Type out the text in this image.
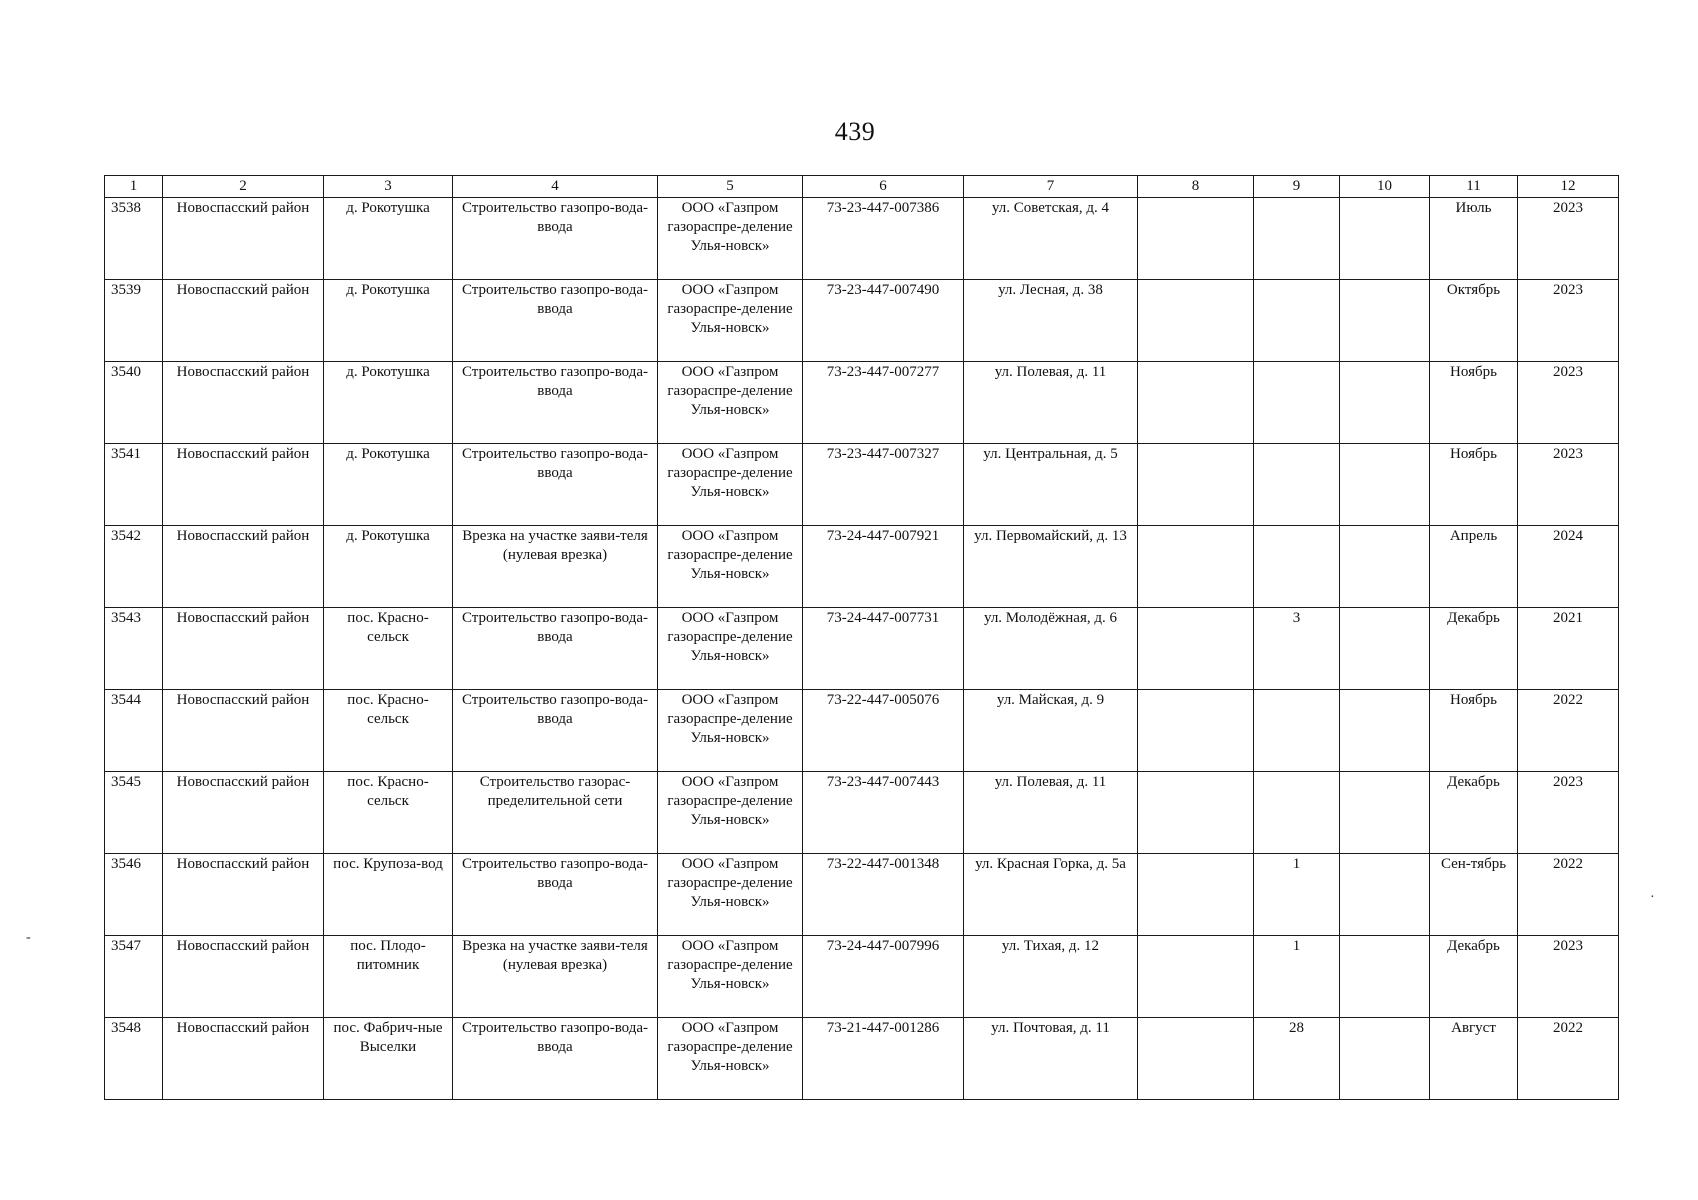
439
1	2	3	4	5	6	7	8	9	10	11	12
3538	Новоспасский район	д. Рокотушка	Строительство газопро-вода-ввода	ООО «Газпром газораспре-деление Улья-новск»	73-23-447-007386	ул. Советская, д. 4				Июль	2023
3539	Новоспасский район	д. Рокотушка	Строительство газопро-вода-ввода	ООО «Газпром газораспре-деление Улья-новск»	73-23-447-007490	ул. Лесная, д. 38				Октябрь	2023
3540	Новоспасский район	д. Рокотушка	Строительство газопро-вода-ввода	ООО «Газпром газораспре-деление Улья-новск»	73-23-447-007277	ул. Полевая, д. 11				Ноябрь	2023
3541	Новоспасский район	д. Рокотушка	Строительство газопро-вода-ввода	ООО «Газпром газораспре-деление Улья-новск»	73-23-447-007327	ул. Центральная, д. 5				Ноябрь	2023
3542	Новоспасский район	д. Рокотушка	Врезка на участке заяви-теля (нулевая врезка)	ООО «Газпром газораспре-деление Улья-новск»	73-24-447-007921	ул. Первомайский, д. 13				Апрель	2024
3543	Новоспасский район	пос. Красно-сельск	Строительство газопро-вода-ввода	ООО «Газпром газораспре-деление Улья-новск»	73-24-447-007731	ул. Молодёжная, д. 6		3		Декабрь	2021
3544	Новоспасский район	пос. Красно-сельск	Строительство газопро-вода-ввода	ООО «Газпром газораспре-деление Улья-новск»	73-22-447-005076	ул. Майская, д. 9				Ноябрь	2022
3545	Новоспасский район	пос. Красно-сельск	Строительство газорас-пределительной сети	ООО «Газпром газораспре-деление Улья-новск»	73-23-447-007443	ул. Полевая, д. 11				Декабрь	2023
3546	Новоспасский район	пос. Крупоза-вод	Строительство газопро-вода-ввода	ООО «Газпром газораспре-деление Улья-новск»	73-22-447-001348	ул. Красная Горка, д. 5а		1		Сен-тябрь	2022
3547	Новоспасский район	пос. Плодо-питомник	Врезка на участке заяви-теля (нулевая врезка)	ООО «Газпром газораспре-деление Улья-новск»	73-24-447-007996	ул. Тихая, д. 12		1		Декабрь	2023
3548	Новоспасский район	пос. Фабрич-ные Выселки	Строительство газопро-вода-ввода	ООО «Газпром газораспре-деление Улья-новск»	73-21-447-001286	ул. Почтовая, д. 11		28		Август	2022
‑
·
